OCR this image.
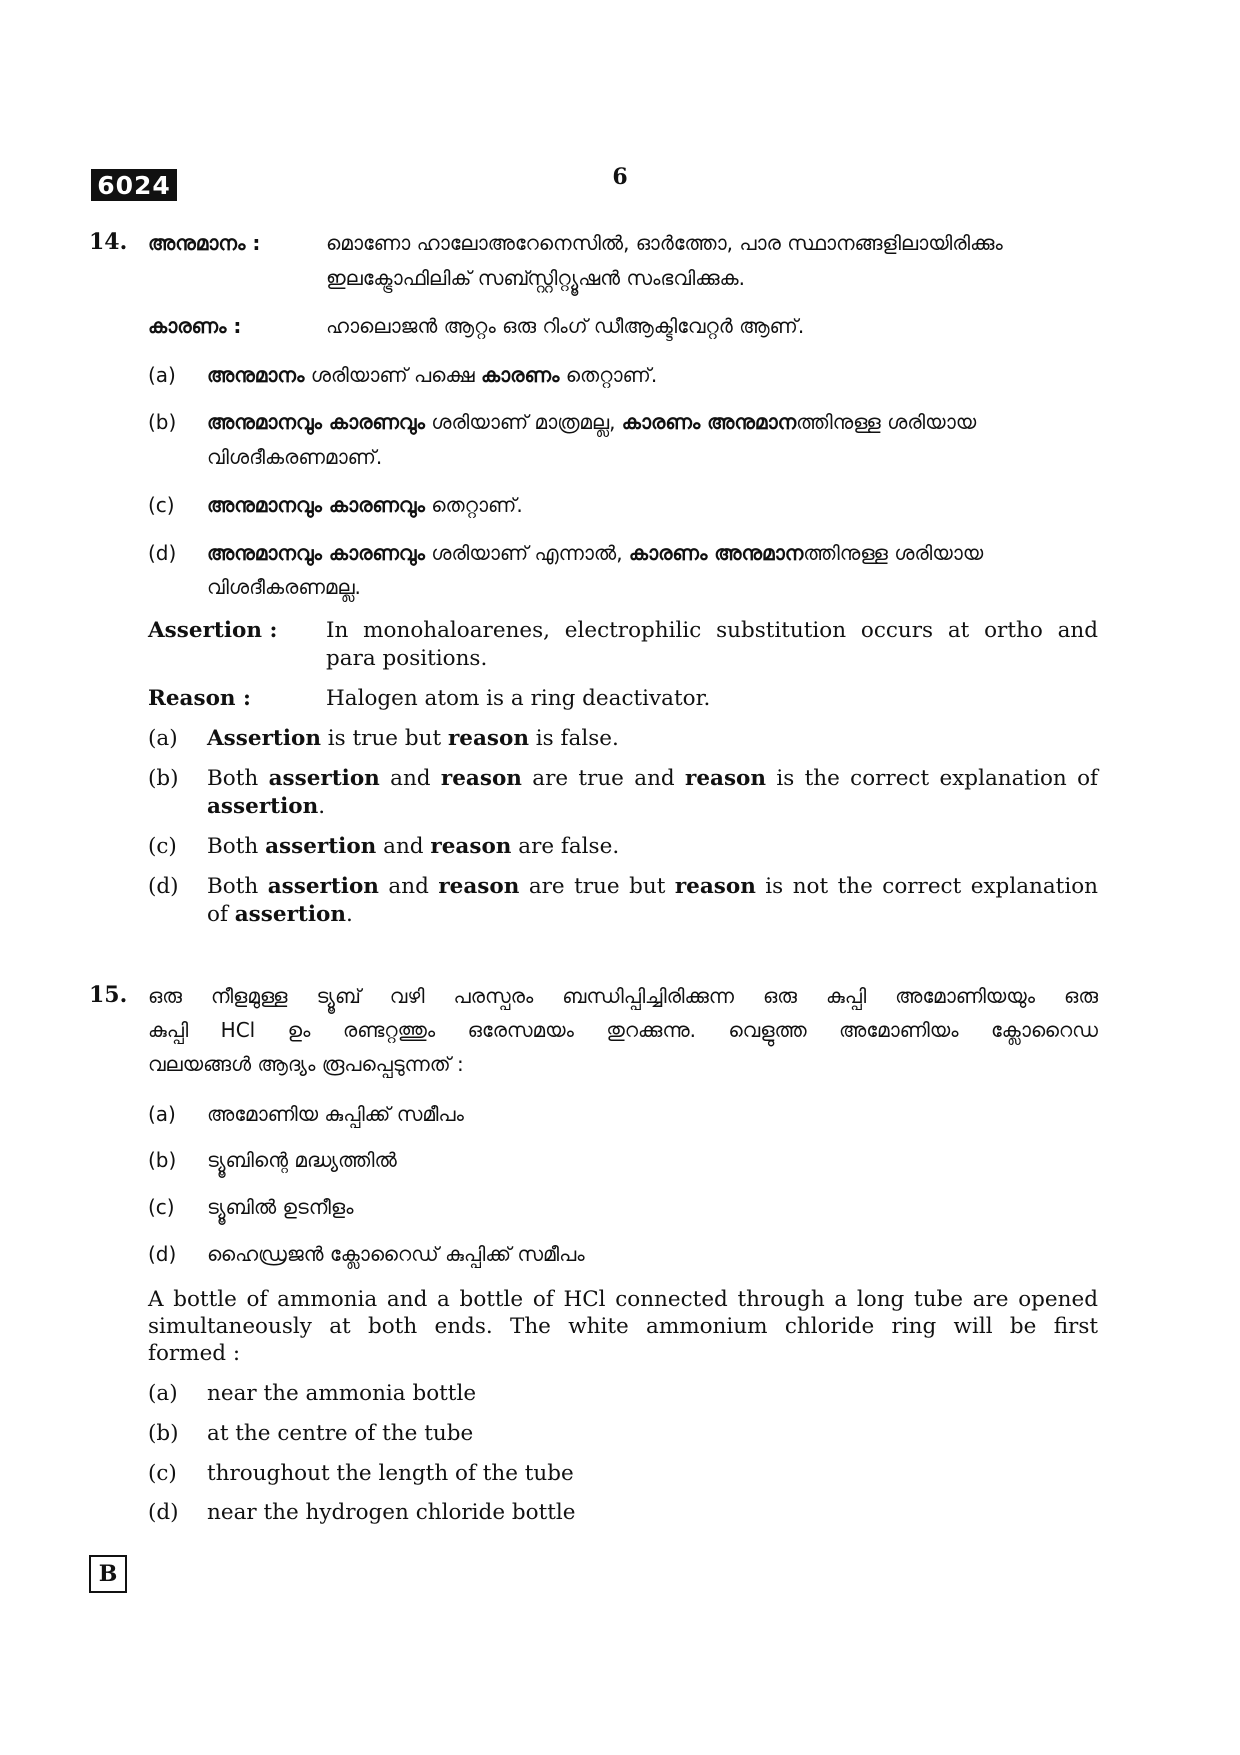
6024	6
14. അനുമാനം :	മൊണോ ഹാലോഅറേനെസിൽ, ഓർത്തോ, പാര സ്ഥാനങ്ങളിലായിരിക്കും
ഇലക്ട്രോഫിലിക് സബ്സ്റ്റിറ്റ്യൂഷൻ സംഭവിക്കുക.
കാരണം :	ഹാലൊജൻ ആറ്റം ഒരു റിംഗ് ഡീആക്ടിവേറ്റർ ആണ്.
(a) അനുമാനം ശരിയാണ് പക്ഷെ കാരണം തെറ്റാണ്.
(b) അനുമാനവും കാരണവും ശരിയാണ് മാത്രമല്ല, കാരണം അനുമാനത്തിനുള്ള ശരിയായ
വിശദീകരണമാണ്.
(c) അനുമാനവും കാരണവും തെറ്റാണ്.
(d) അനുമാനവും കാരണവും ശരിയാണ് എന്നാൽ, കാരണം അനുമാനത്തിനുള്ള ശരിയായ
വിശദീകരണമല്ല.
Assertion : In monohaloarenes, electrophilic substitution occurs at ortho and
para positions.
Reason :	Halogen atom is a ring deactivator.
(a) Assertion is true but reason is false.
(b) Both assertion and reason are true and reason is the correct explanation of
assertion.
(c) Both assertion and reason are false.
(d) Both assertion and reason are true but reason is not the correct explanation
of assertion.
15. ഒരു നീളമുള്ള ട്യൂബ് വഴി പരസ്പരം ബന്ധിപ്പിച്ചിരിക്കുന്ന ഒരു കുപ്പി അമോണിയയും ഒരു
കുപ്പി HCl ഉം രണ്ടറ്റത്തും ഒരേസമയം തുറക്കുന്നു. വെളുത്ത അമോണിയം ക്ലോറൈഡ
വലയങ്ങൾ ആദ്യം രൂപപ്പെടുന്നത് :
(a) അമോണിയ കുപ്പിക്ക് സമീപം
(b) ട്യൂബിന്റെ മദ്ധ്യത്തിൽ
(c) ട്യൂബിൽ ഉടനീളം
(d) ഹൈഡ്രജൻ ക്ലോറൈഡ് കുപ്പിക്ക് സമീപം
A bottle of ammonia and a bottle of HCl connected through a long tube are opened
simultaneously at both ends. The white ammonium chloride ring will be first
formed :
(a) near the ammonia bottle
(b) at the centre of the tube
(c) throughout the length of the tube
(d) near the hydrogen chloride bottle
B
